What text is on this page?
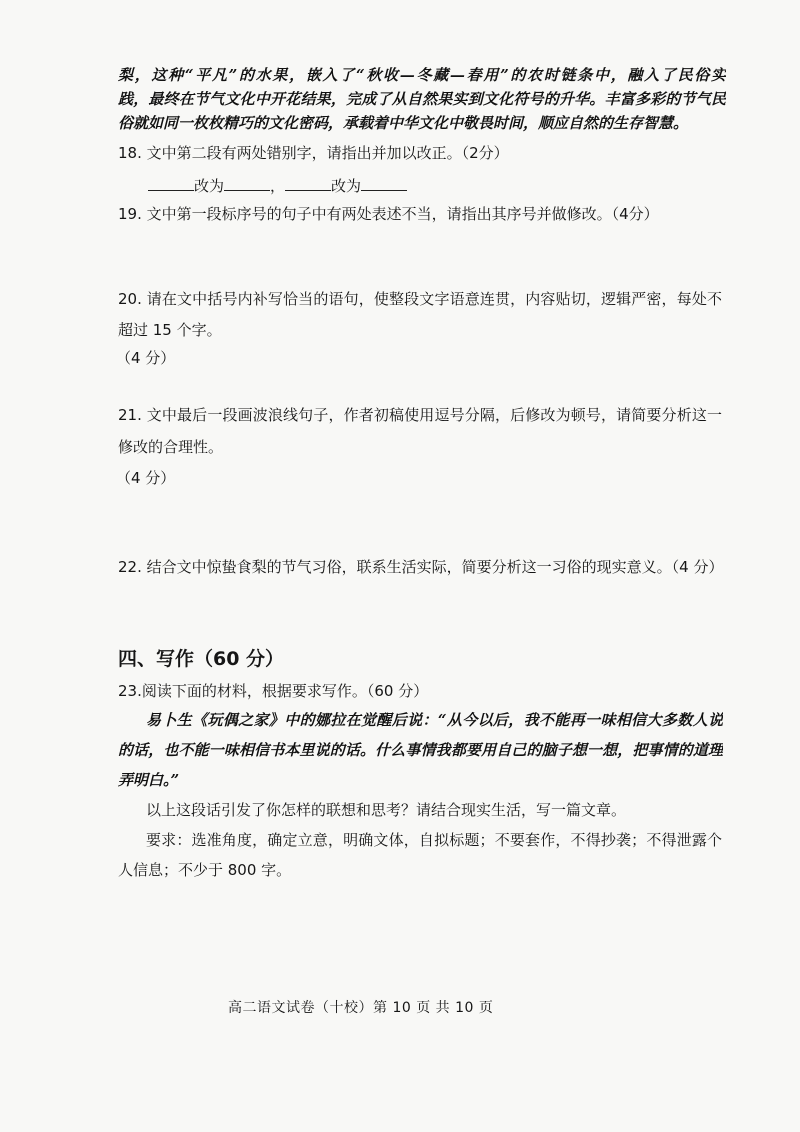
梨，这种“平凡”的水果，嵌入了“秋收—冬藏—春用”的农时链条中，融入了民俗实
践，最终在节气文化中开花结果，完成了从自然果实到文化符号的升华。丰富多彩的节气民
俗就如同一枚枚精巧的文化密码，承载着中华文化中敬畏时间，顺应自然的生存智慧。
18. 文中第二段有两处错别字，请指出并加以改正。（2分）
改为	，	改为
19. 文中第一段标序号的句子中有两处表述不当，请指出其序号并做修改。（4分）
20. 请在文中括号内补写恰当的语句，使整段文字语意连贯，内容贴切，逻辑严密，每处不
超过 15 个字。
（4 分）
21. 文中最后一段画波浪线句子，作者初稿使用逗号分隔，后修改为顿号，请简要分析这一
修改的合理性。
（4 分）
22. 结合文中惊蛰食梨的节气习俗，联系生活实际，简要分析这一习俗的现实意义。（4 分）
四、写作（60 分）
23.阅读下面的材料，根据要求写作。（60 分）
易卜生《玩偶之家》中的娜拉在觉醒后说：“从今以后，我不能再一味相信大多数人说
的话，也不能一味相信书本里说的话。什么事情我都要用自己的脑子想一想，把事情的道理
弄明白。”
以上这段话引发了你怎样的联想和思考？请结合现实生活，写一篇文章。
要求：选准角度，确定立意，明确文体，自拟标题；不要套作，不得抄袭；不得泄露个
人信息；不少于 800 字。
高二语文试卷（十校）第 10 页 共 10 页
